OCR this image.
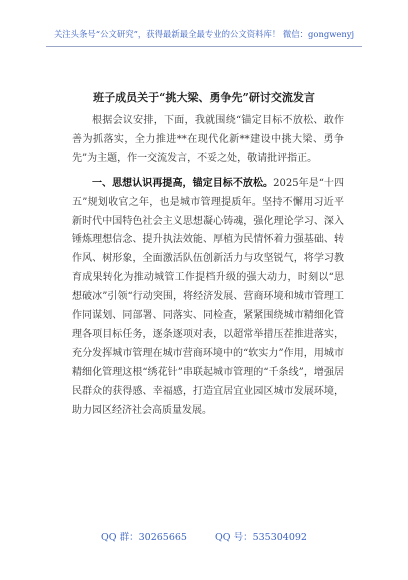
关注头条号“公文研究”，获得最新最全最专业的公文资料库！ 微信：gongwenyj
班子成员关于“挑大梁、勇争先”研讨交流发言

根据会议安排，下面，我就围绕“锚定目标不放松、敢作善为抓落实，全力推进**在现代化新**建设中挑大梁、勇争先”为主题，作一交流发言，不妥之处，敬请批评指正。

一、思想认识再提高，锚定目标不放松。2025年是“十四五”规划收官之年，也是城市管理提质年。坚持不懈用习近平新时代中国特色社会主义思想凝心铸魂，强化理论学习、深入锤炼理想信念、提升执法效能、厚植为民情怀着力强基础、转作风、树形象，全面激活队伍创新活力与攻坚锐气，将学习教育成果转化为推动城管工作提档升级的强大动力，时刻以“思想破冰”引领“行动突围，将经济发展、营商环境和城市管理工作同谋划、同部署、同落实、同检查，紧紧围绕城市精细化管理各项目标任务，逐条逐项对表，以超常举措压茬推进落实，充分发挥城市管理在城市营商环境中的“软实力”作用，用城市精细化管理这根“绣花针”串联起城市管理的“千条线”，增强居民群众的获得感、幸福感，打造宜居宜业园区城市发展环境，助力园区经济社会高质量发展。

QQ 群：30265665	QQ 号：535304092
